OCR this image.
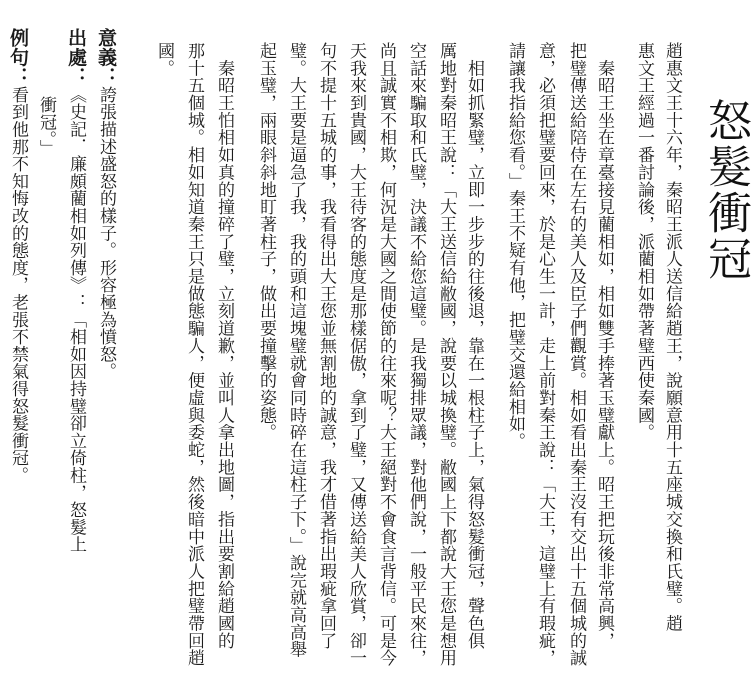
怒髮衝冠
趙惠文王十六年，秦昭王派人送信給趙王，說願意用十五座城交換和氏璧。趙
惠文王經過一番討論後，派藺相如帶著璧西使秦國。
　秦昭王坐在章臺接見藺相如，相如雙手捧著玉璧獻上。昭王把玩後非常高興，
把璧傳送給陪侍在左右的美人及臣子們觀賞。相如看出秦王沒有交出十五個城的誠
意，必須把璧要回來，於是心生一計，走上前對秦王說：「大王，這璧上有瑕疵，
請讓我指給您看。」秦王不疑有他，把璧交還給相如。
　相如抓緊璧，立即一步步的往後退，靠在一根柱子上，氣得怒髮衝冠，聲色俱
厲地對秦昭王說：「大王送信給敝國，說要以城換璧。敝國上下都說大王您是想用
空話來騙取和氏璧，決議不給您這璧。是我獨排眾議，對他們說，一般平民來往，
尚且誠實不相欺，何況是大國之間使節的往來呢？大王絕對不會食言背信。可是今
天我來到貴國，大王待客的態度是那樣倨傲，拿到了璧，又傳送給美人欣賞，卻一
句不提十五城的事，我看得出大王您並無割地的誠意，我才借著指出瑕疵拿回了
璧。大王要是逼急了我，我的頭和這塊璧就會同時碎在這柱子下。」說完就高高舉
起玉璧，兩眼斜斜地盯著柱子，做出要撞擊的姿態。
　秦昭王怕相如真的撞碎了璧，立刻道歉，並叫人拿出地圖，指出要割給趙國的
那十五個城。相如知道秦王只是做態騙人，便虛與委蛇，然後暗中派人把璧帶回趙
國。
意義：誇張描述盛怒的樣子。形容極為憤怒。
出處：《史記．廉頗藺相如列傳》：「相如因持璧卻立倚柱，怒髮上
衝冠。」
例句：看到他那不知悔改的態度，老張不禁氣得怒髮衝冠。
